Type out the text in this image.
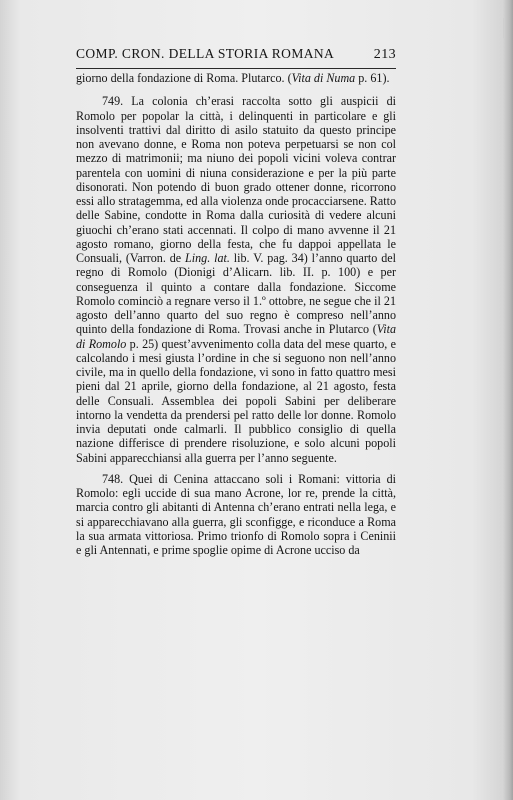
COMP. CRON. DELLA STORIA ROMANA	213

giorno della fondazione di Roma. Plutarco. (Vita di Numa p. 61).

749. La colonia ch’erasi raccolta sotto gli auspicii di Romolo per popolar la città, i delinquenti in particolare e gli insolventi trattivi dal diritto di asilo statuito da questo principe non avevano donne, e Roma non poteva perpetuarsi se non col mezzo di matrimonii; ma niuno dei popoli vicini voleva contrar parentela con uomini di niuna considerazione e per la più parte disonorati. Non potendo di buon grado ottener donne, ricorrono essi allo stratagemma, ed alla violenza onde procacciarsene. Ratto delle Sabine, condotte in Roma dalla curiosità di vedere alcuni giuochi ch’erano stati accennati. Il colpo di mano avvenne il 21 agosto romano, giorno della festa, che fu dappoi appellata le Consuali, (Varron. de Ling. lat. lib. V. pag. 34) l’anno quarto del regno di Romolo (Dionigi d’Alicarn. lib. II. p. 100) e per conseguenza il quinto a contare dalla fondazione. Siccome Romolo cominciò a regnare verso il 1.º ottobre, ne segue che il 21 agosto dell’anno quarto del suo regno è compreso nell’anno quinto della fondazione di Roma. Trovasi anche in Plutarco (Vita di Romolo p. 25) quest’avvenimento colla data del mese quarto, e calcolando i mesi giusta l’ordine in che si seguono non nell’anno civile, ma in quello della fondazione, vi sono in fatto quattro mesi pieni dal 21 aprile, giorno della fondazione, al 21 agosto, festa delle Consuali. Assemblea dei popoli Sabini per deliberare intorno la vendetta da prendersi pel ratto delle lor donne. Romolo invia deputati onde calmarli. Il pubblico consiglio di quella nazione differisce di prendere risoluzione, e solo alcuni popoli Sabini apparecchiansi alla guerra per l’anno seguente.

748. Quei di Cenina attaccano soli i Romani: vittoria di Romolo: egli uccide di sua mano Acrone, lor re, prende la città, marcia contro gli abitanti di Antenna ch’erano entrati nella lega, e si apparecchiavano alla guerra, gli sconfigge, e riconduce a Roma la sua armata vittoriosa. Primo trionfo di Romolo sopra i Ceninii e gli Antennati, e prime spoglie opime di Acrone ucciso da
